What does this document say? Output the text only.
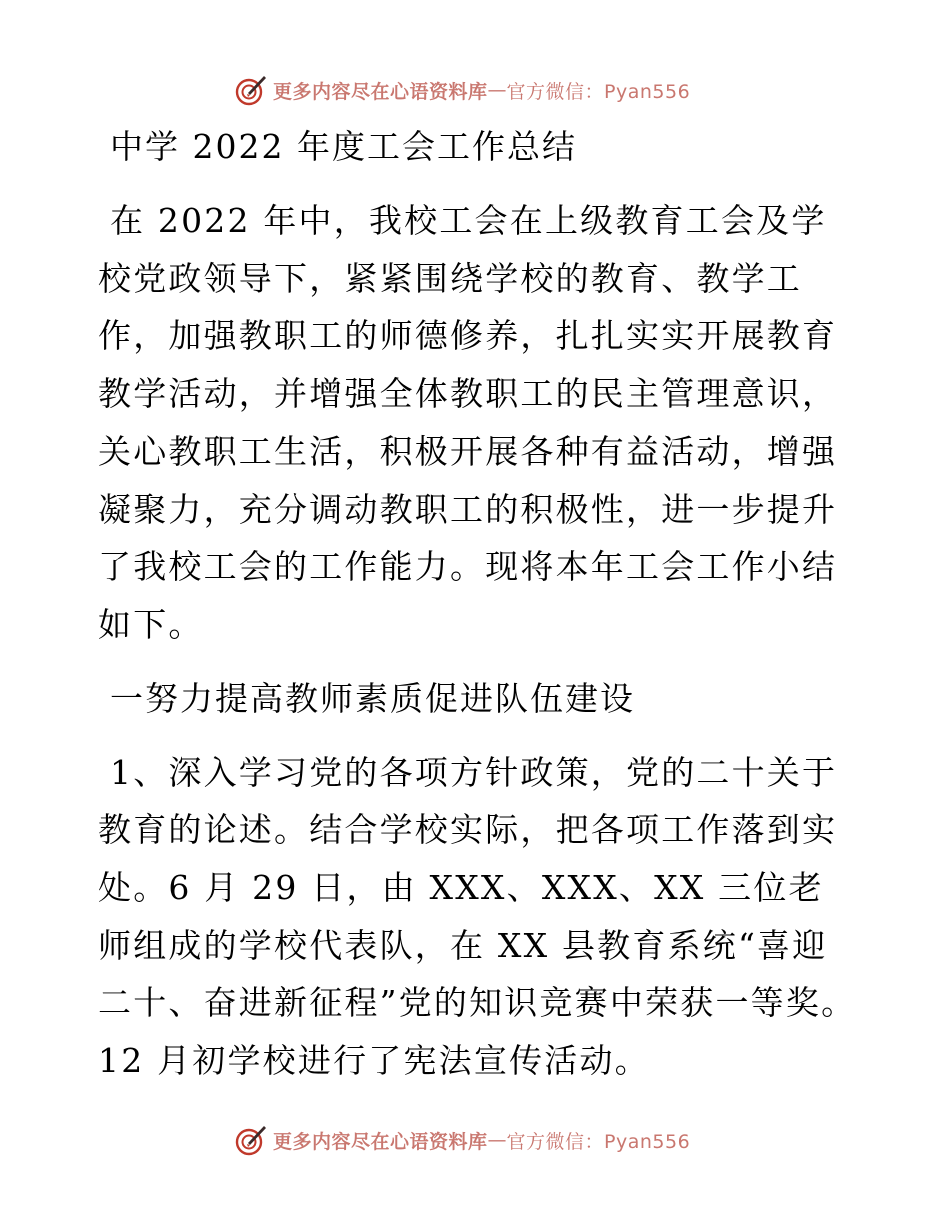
更多内容尽在心语资料库 — 官方微信：Pyan556
中学 2022 年度工会工作总结

在 2022 年中，我校工会在上级教育工会及学校党政领导下，紧紧围绕学校的教育、教学工作，加强教职工的师德修养，扎扎实实开展教育教学活动，并增强全体教职工的民主管理意识，关心教职工生活，积极开展各种有益活动，增强凝聚力，充分调动教职工的积极性，进一步提升了我校工会的工作能力。现将本年工会工作小结如下。

一努力提高教师素质促进队伍建设

1、深入学习党的各项方针政策，党的二十关于教育的论述。结合学校实际，把各项工作落到实处。6 月 29 日，由 XXX、XXX、XX 三位老师组成的学校代表队，在 XX 县教育系统“喜迎二十、奋进新征程”党的知识竞赛中荣获一等奖。12 月初学校进行了宪法宣传活动。

更多内容尽在心语资料库 — 官方微信：Pyan556
